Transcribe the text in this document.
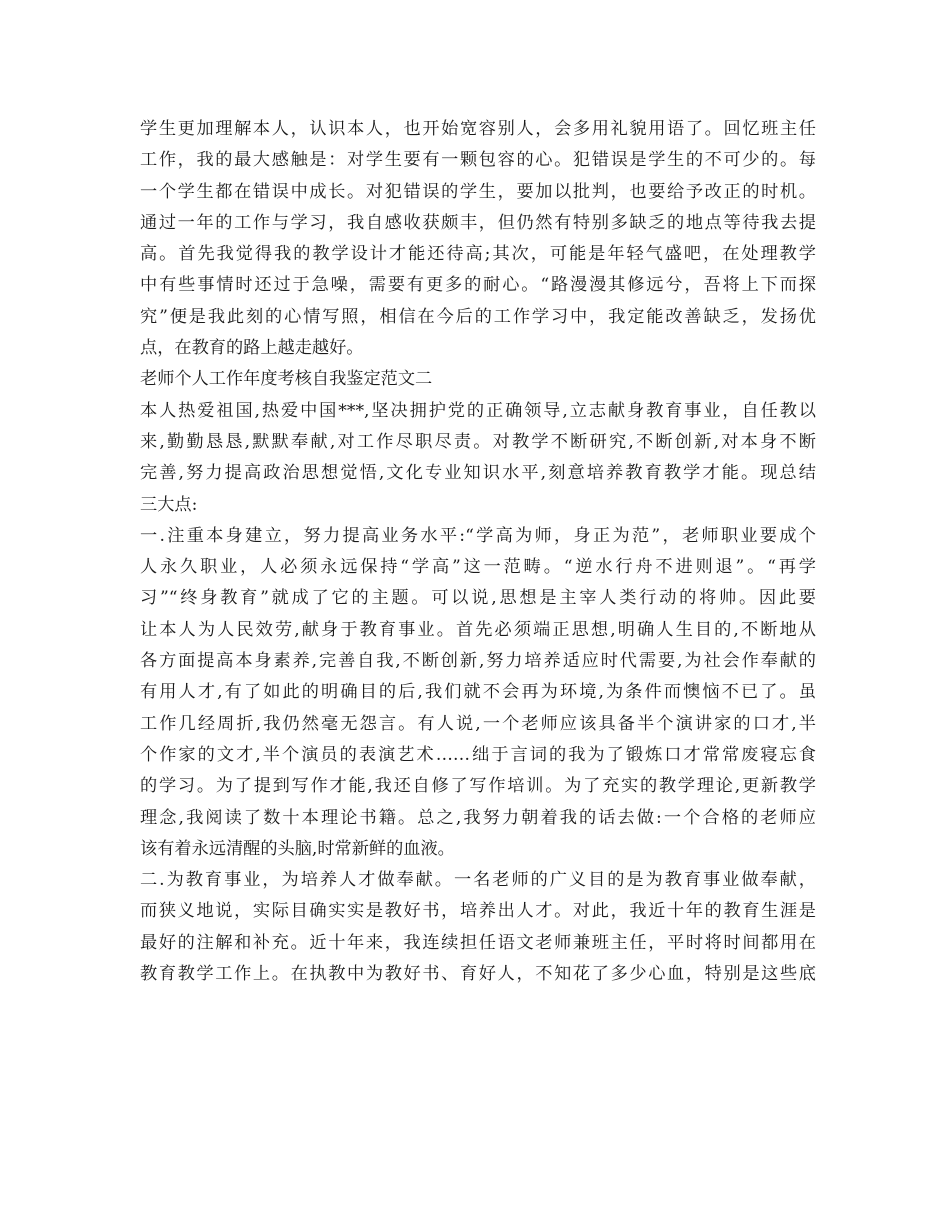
学生更加理解本人，认识本人，也开始宽容别人，会多用礼貌用语了。回忆班主任
工作，我的最大感触是：对学生要有一颗包容的心。犯错误是学生的不可少的。每
一个学生都在错误中成长。对犯错误的学生，要加以批判，也要给予改正的时机。
通过一年的工作与学习，我自感收获颇丰，但仍然有特别多缺乏的地点等待我去提
高。首先我觉得我的教学设计才能还待高;其次，可能是年轻气盛吧，在处理教学
中有些事情时还过于急噪，需要有更多的耐心。“路漫漫其修远兮，吾将上下而探
究”便是我此刻的心情写照，相信在今后的工作学习中，我定能改善缺乏，发扬优
点，在教育的路上越走越好。
老师个人工作年度考核自我鉴定范文二
本人热爱祖国,热爱中国***,坚决拥护党的正确领导,立志献身教育事业，自任教以
来,勤勤恳恳,默默奉献,对工作尽职尽责。对教学不断研究,不断创新,对本身不断
完善,努力提高政治思想觉悟,文化专业知识水平,刻意培养教育教学才能。现总结
三大点:
一.注重本身建立，努力提高业务水平:“学高为师，身正为范”，老师职业要成个
人永久职业，人必须永远保持“学高”这一范畴。“逆水行舟不进则退”。“再学
习”“终身教育”就成了它的主题。可以说,思想是主宰人类行动的将帅。因此要
让本人为人民效劳,献身于教育事业。首先必须端正思想,明确人生目的,不断地从
各方面提高本身素养,完善自我,不断创新,努力培养适应时代需要,为社会作奉献的
有用人才,有了如此的明确目的后,我们就不会再为环境,为条件而懊恼不已了。虽
工作几经周折,我仍然毫无怨言。有人说,一个老师应该具备半个演讲家的口才,半
个作家的文才,半个演员的表演艺术……绌于言词的我为了锻炼口才常常废寝忘食
的学习。为了提到写作才能,我还自修了写作培训。为了充实的教学理论,更新教学
理念,我阅读了数十本理论书籍。总之,我努力朝着我的话去做:一个合格的老师应
该有着永远清醒的头脑,时常新鲜的血液。
二.为教育事业，为培养人才做奉献。一名老师的广义目的是为教育事业做奉献，
而狭义地说，实际目确实实是教好书，培养出人才。对此，我近十年的教育生涯是
最好的注解和补充。近十年来，我连续担任语文老师兼班主任，平时将时间都用在
教育教学工作上。在执教中为教好书、育好人，不知花了多少心血，特别是这些底
